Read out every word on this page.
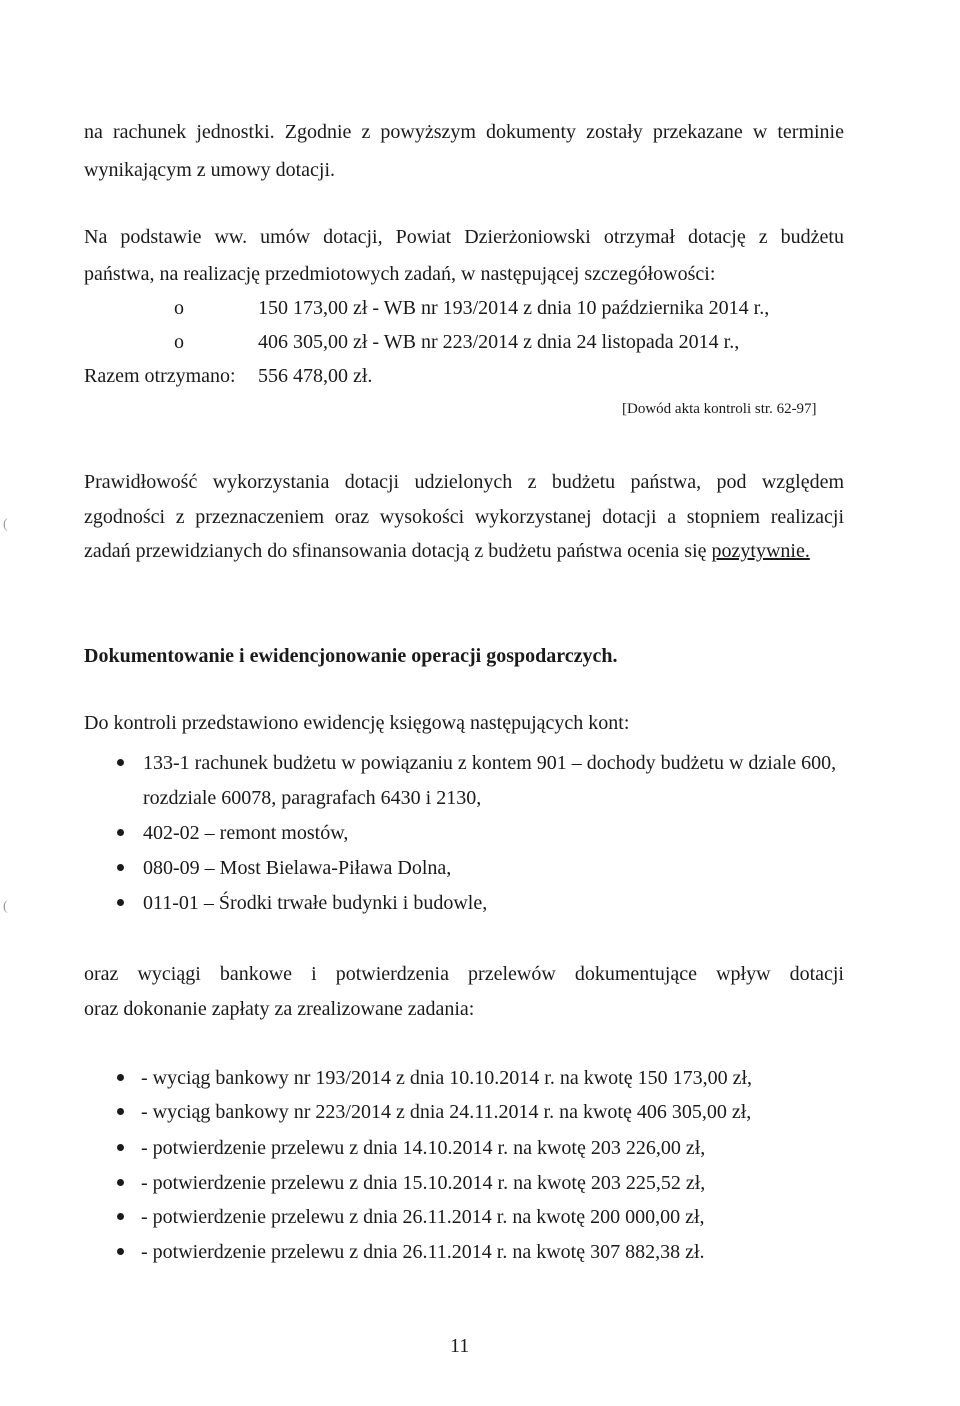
na rachunek jednostki. Zgodnie z powyższym dokumenty zostały przekazane w terminie
wynikającym z umowy dotacji.
Na podstawie ww. umów dotacji, Powiat Dzierżoniowski otrzymał dotację z budżetu
państwa, na realizację przedmiotowych zadań, w następującej szczegółowości:
o	150 173,00 zł - WB nr 193/2014 z dnia 10 października 2014 r.,
o	406 305,00 zł - WB nr 223/2014 z dnia 24 listopada 2014 r.,
Razem otrzymano: 556 478,00 zł.
[Dowód akta kontroli str. 62-97]
Prawidłowość wykorzystania dotacji udzielonych z budżetu państwa, pod względem
zgodności z przeznaczeniem oraz wysokości wykorzystanej dotacji a stopniem realizacji
zadań przewidzianych do sfinansowania dotacją z budżetu państwa ocenia się pozytywnie.
Dokumentowanie i ewidencjonowanie operacji gospodarczych.
Do kontroli przedstawiono ewidencję księgową następujących kont:
133-1 rachunek budżetu w powiązaniu z kontem 901 – dochody budżetu w dziale 600,
rozdziale 60078, paragrafach 6430 i 2130,
402-02 – remont mostów,
080-09 – Most Bielawa-Piława Dolna,
011-01 – Środki trwałe budynki i budowle,
oraz wyciągi bankowe i potwierdzenia przelewów dokumentujące wpływ dotacji
oraz dokonanie zapłaty za zrealizowane zadania:
- wyciąg bankowy nr 193/2014 z dnia 10.10.2014 r. na kwotę 150 173,00 zł,
- wyciąg bankowy nr 223/2014 z dnia 24.11.2014 r. na kwotę 406 305,00 zł,
- potwierdzenie przelewu z dnia 14.10.2014 r. na kwotę 203 226,00 zł,
- potwierdzenie przelewu z dnia 15.10.2014 r. na kwotę 203 225,52 zł,
- potwierdzenie przelewu z dnia 26.11.2014 r. na kwotę 200 000,00 zł,
- potwierdzenie przelewu z dnia 26.11.2014 r. na kwotę 307 882,38 zł.
11
(
(
